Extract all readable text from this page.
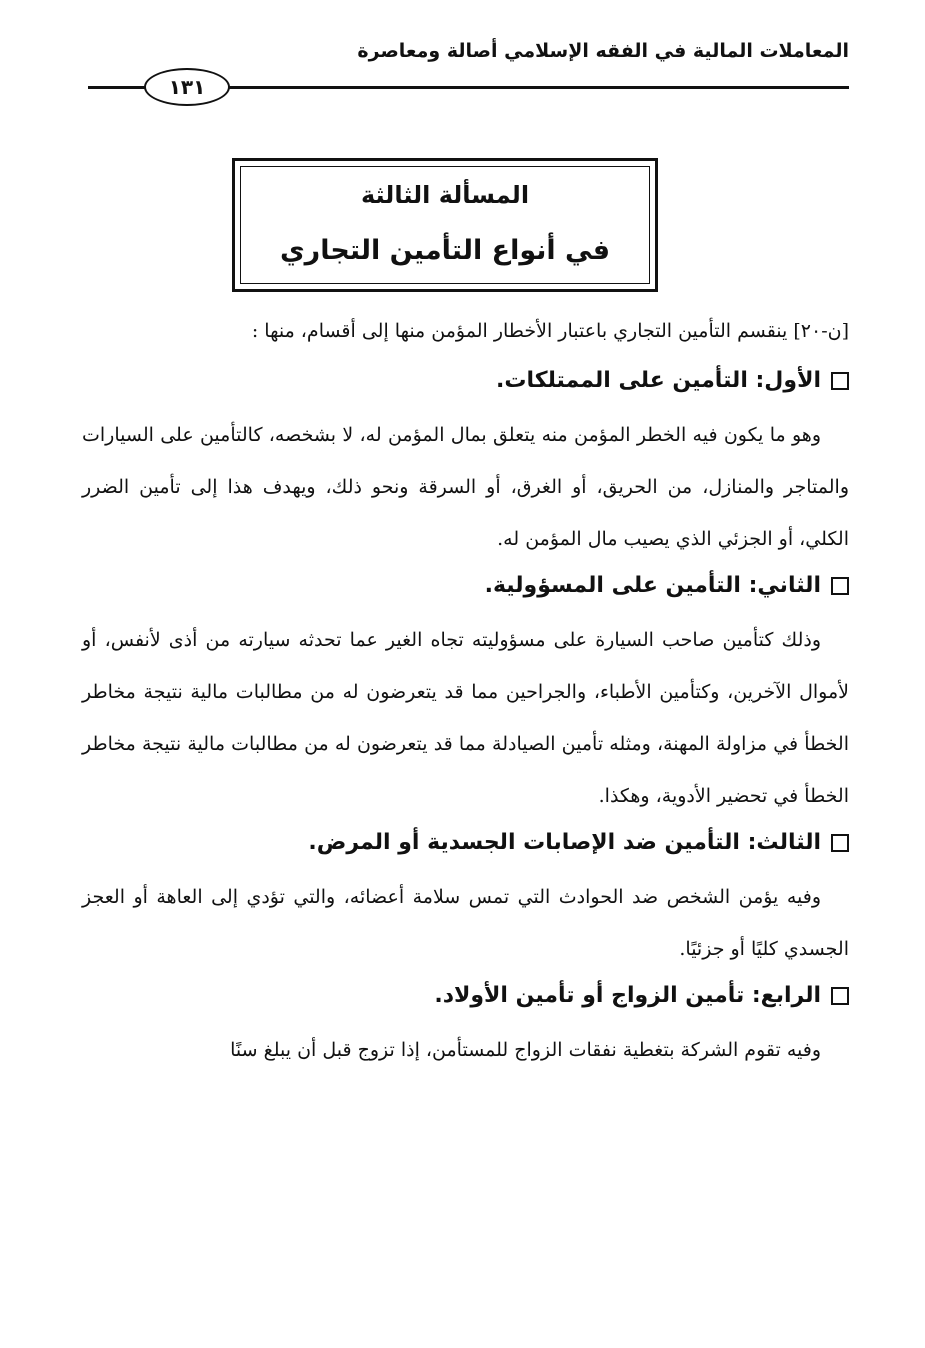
المعاملات المالية في الفقه الإسلامي أصالة ومعاصرة
١٣١
المسألة الثالثة
في أنواع التأمين التجاري

[ن-٢٠] ينقسم التأمين التجاري باعتبار الأخطار المؤمن منها إلى أقسام، منها :

الأول: التأمين على الممتلكات.

وهو ما يكون فيه الخطر المؤمن منه يتعلق بمال المؤمن له، لا بشخصه، كالتأمين على السيارات والمتاجر والمنازل، من الحريق، أو الغرق، أو السرقة ونحو ذلك، ويهدف هذا إلى تأمين الضرر الكلي، أو الجزئي الذي يصيب مال المؤمن له.

الثاني: التأمين على المسؤولية.

وذلك كتأمين صاحب السيارة على مسؤوليته تجاه الغير عما تحدثه سيارته من أذى لأنفس، أو لأموال الآخرين، وكتأمين الأطباء، والجراحين مما قد يتعرضون له من مطالبات مالية نتيجة مخاطر الخطأ في مزاولة المهنة، ومثله تأمين الصيادلة مما قد يتعرضون له من مطالبات مالية نتيجة مخاطر الخطأ في تحضير الأدوية، وهكذا.

الثالث: التأمين ضد الإصابات الجسدية أو المرض.

وفيه يؤمن الشخص ضد الحوادث التي تمس سلامة أعضائه، والتي تؤدي إلى العاهة أو العجز الجسدي كليًا أو جزئيًا.

الرابع: تأمين الزواج أو تأمين الأولاد.

وفيه تقوم الشركة بتغطية نفقات الزواج للمستأمن، إذا تزوج قبل أن يبلغ سنًا
